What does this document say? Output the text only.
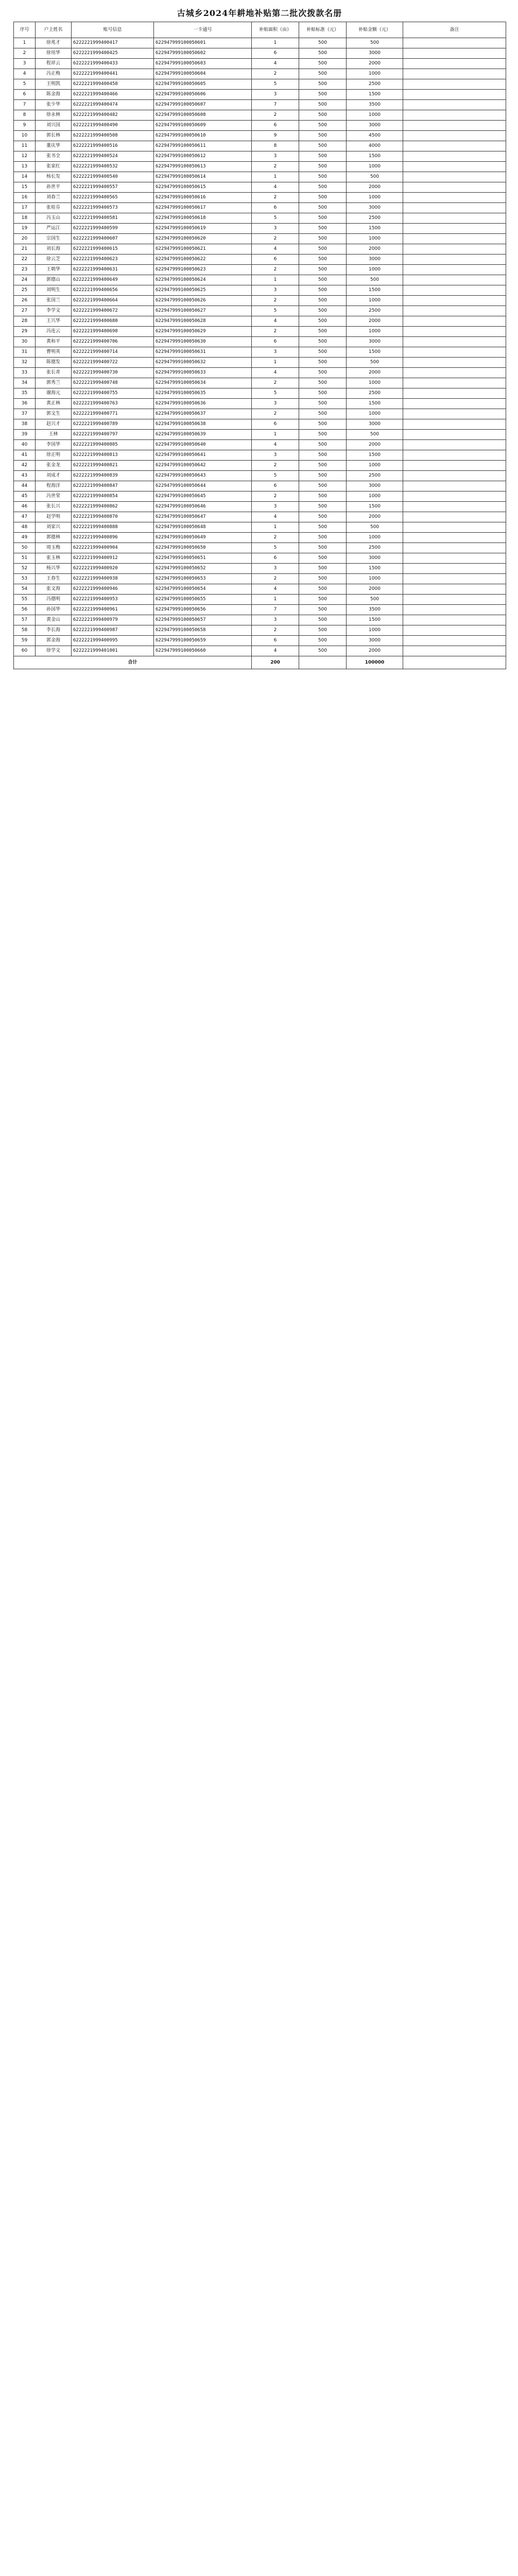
古城乡2024年耕地补贴第二批次拨款名册
序号	户主姓名	账号信息	一卡通号	补贴面积（亩）	补贴标准（元）	补贴金额（元）	备注
1	徐兆才	6222221999400417	622947999100050601	1	500	500	
2	徐用华	6222221999400425	622947999100050602	6	500	3000	
3	程祥云	6222221999400433	622947999100050603	4	500	2000	
4	冯正梅	6222221999400441	622947999100050604	2	500	1000	
5	王明凯	6222221999400458	622947999100050605	5	500	2500	
6	陈金海	6222221999400466	622947999100050606	3	500	1500	
7	张少华	6222221999400474	622947999100050607	7	500	3500	
8	徐永林	6222221999400482	622947999100050608	2	500	1000	
9	刘兴国	6222221999400490	622947999100050609	6	500	3000	
10	郭长林	6222221999400508	622947999100050610	9	500	4500	
11	董庆华	6222221999400516	622947999100050611	8	500	4000	
12	张书全	6222221999400524	622947999100050612	3	500	1500	
13	张家红	6222221999400532	622947999100050613	2	500	1000	
14	杨长发	6222221999400540	622947999100050614	1	500	500	
15	孙世平	6222221999400557	622947999100050615	4	500	2000	
16	刘春兰	6222221999400565	622947999100050616	2	500	1000	
17	张桂芬	6222221999400573	622947999100050617	6	500	3000	
18	冯玉山	6222221999400581	622947999100050618	5	500	2500	
19	严运江	6222221999400599	622947999100050619	3	500	1500	
20	宗国生	6222221999400607	622947999100050620	2	500	1000	
21	刘长海	6222221999400615	622947999100050621	4	500	2000	
22	徐云芝	6222221999400623	622947999100050622	6	500	3000	
23	王朝华	6222221999400631	622947999100050623	2	500	1000	
24	郭德山	6222221999400649	622947999100050624	1	500	500	
25	刘明生	6222221999400656	622947999100050625	3	500	1500	
26	张国兰	6222221999400664	622947999100050626	2	500	1000	
27	李学文	6222221999400672	622947999100050627	5	500	2500	
28	王兴华	6222221999400680	622947999100050628	4	500	2000	
29	冯连云	6222221999400698	622947999100050629	2	500	1000	
30	黄和平	6222221999400706	622947999100050630	6	500	3000	
31	曹明英	6222221999400714	622947999100050631	3	500	1500	
32	陈德发	6222221999400722	622947999100050632	1	500	500	
33	张长青	6222221999400730	622947999100050633	4	500	2000	
34	郭秀兰	6222221999400748	622947999100050634	2	500	1000	
35	谢海元	6222221999400755	622947999100050635	5	500	2500	
36	黄正林	6222221999400763	622947999100050636	3	500	1500	
37	郭文生	6222221999400771	622947999100050637	2	500	1000	
38	赵兴才	6222221999400789	622947999100050638	6	500	3000	
39	王林	6222221999400797	622947999100050639	1	500	500	
40	李国华	6222221999400805	622947999100050640	4	500	2000	
41	徐正明	6222221999400813	622947999100050641	3	500	1500	
42	张金龙	6222221999400821	622947999100050642	2	500	1000	
43	刘成才	6222221999400839	622947999100050643	5	500	2500	
44	程海洋	6222221999400847	622947999100050644	6	500	3000	
45	冯世荣	6222221999400854	622947999100050645	2	500	1000	
46	张长兴	6222221999400862	622947999100050646	3	500	1500	
47	赵学明	6222221999400870	622947999100050647	4	500	2000	
48	刘家兴	6222221999400888	622947999100050648	1	500	500	
49	郭德林	6222221999400896	622947999100050649	2	500	1000	
50	周玉梅	6222221999400904	622947999100050650	5	500	2500	
51	张玉林	6222221999400912	622947999100050651	6	500	3000	
52	杨兴华	6222221999400920	622947999100050652	3	500	1500	
53	王春生	6222221999400938	622947999100050653	2	500	1000	
54	张文海	6222221999400946	622947999100050654	4	500	2000	
55	冯德明	6222221999400953	622947999100050655	1	500	500	
56	孙国华	6222221999400961	622947999100050656	7	500	3500	
57	黄金山	6222221999400979	622947999100050657	3	500	1500	
58	李长海	6222221999400987	622947999100050658	2	500	1000	
59	郭金海	6222221999400995	622947999100050659	6	500	3000	
60	徐学文	6222221999401001	622947999100050660	4	500	2000	
合计				200		100000	
